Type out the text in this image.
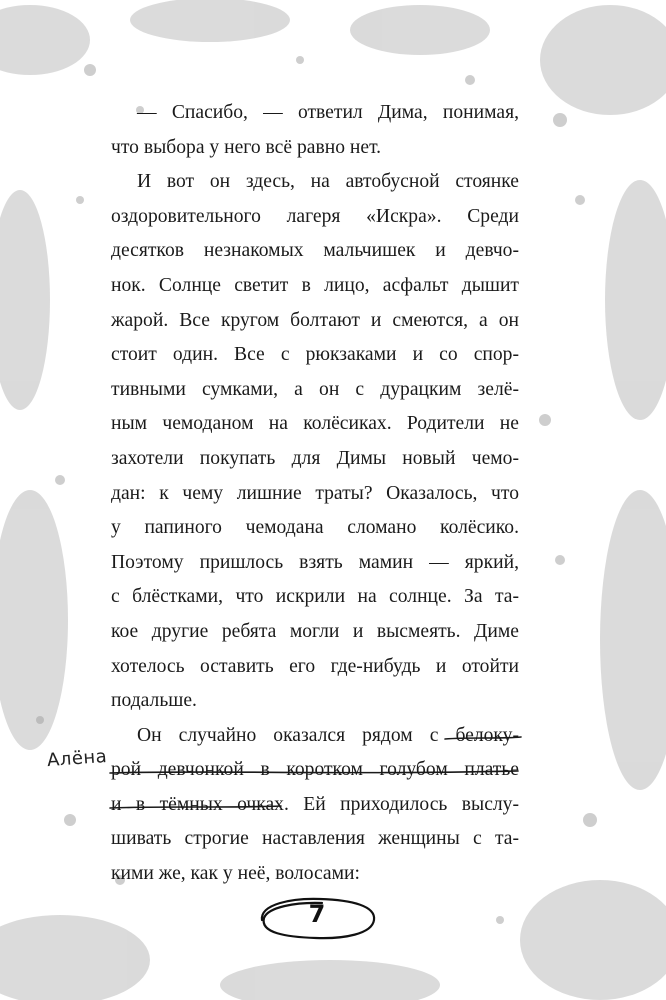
— Спасибо, — ответил Дима, понимая,
что выбора у него всё равно нет.
И вот он здесь, на автобусной стоянке
оздоровительного лагеря «Искра». Среди
десятков незнакомых мальчишек и девчо-
нок. Солнце светит в лицо, асфальт дышит
жарой. Все кругом болтают и смеются, а он
стоит один. Все с рюкзаками и со спор-
тивными сумками, а он с дурацким зелё-
ным чемоданом на колёсиках. Родители не
захотели покупать для Димы новый чемо-
дан: к чему лишние траты? Оказалось, что
у папиного чемодана сломано колёсико.
Поэтому пришлось взять мамин — яркий,
с блёстками, что искрили на солнце. За та-
кое другие ребята могли и высмеять. Диме
хотелось оставить его где-нибудь и отойти
подальше.
Он случайно оказался рядом с белоку-
рой девчонкой в коротком голубом платье
и в тёмных очках. Ей приходилось выслу-
шивать строгие наставления женщины с та-
кими же, как у неё, волосами:
Алёна
7
